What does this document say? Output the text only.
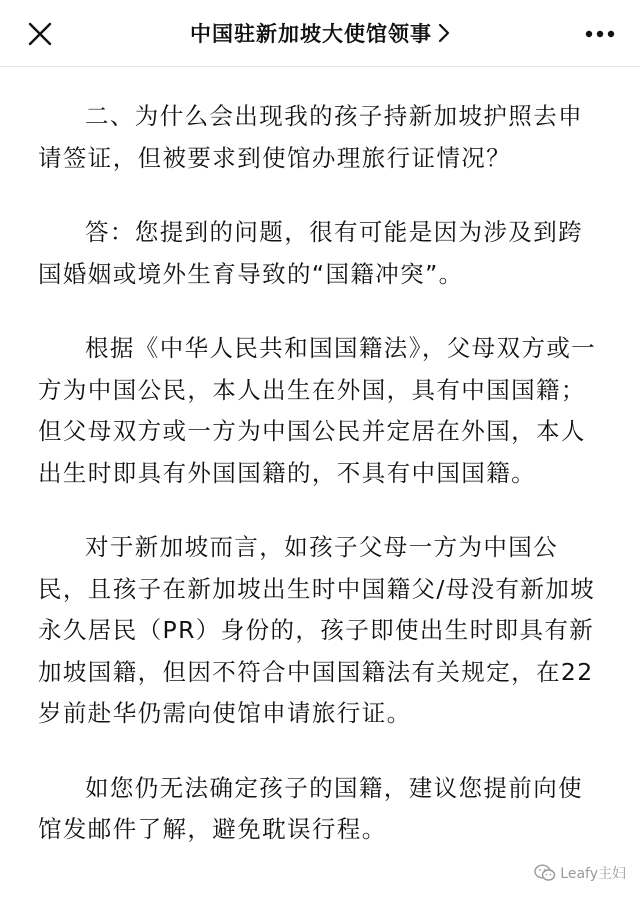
中国驻新加坡大使馆领事

二、为什么会出现我的孩子持新加坡护照去申请签证，但被要求到使馆办理旅行证情况？

答：您提到的问题，很有可能是因为涉及到跨国婚姻或境外生育导致的“国籍冲突”。

根据《中华人民共和国国籍法》，父母双方或一方为中国公民，本人出生在外国，具有中国国籍；但父母双方或一方为中国公民并定居在外国，本人出生时即具有外国国籍的，不具有中国国籍。

对于新加坡而言，如孩子父母一方为中国公民，且孩子在新加坡出生时中国籍父/母没有新加坡永久居民（PR）身份的，孩子即使出生时即具有新加坡国籍，但因不符合中国国籍法有关规定，在22岁前赴华仍需向使馆申请旅行证。

如您仍无法确定孩子的国籍，建议您提前向使馆发邮件了解，避免耽误行程。

Leafy主妇
